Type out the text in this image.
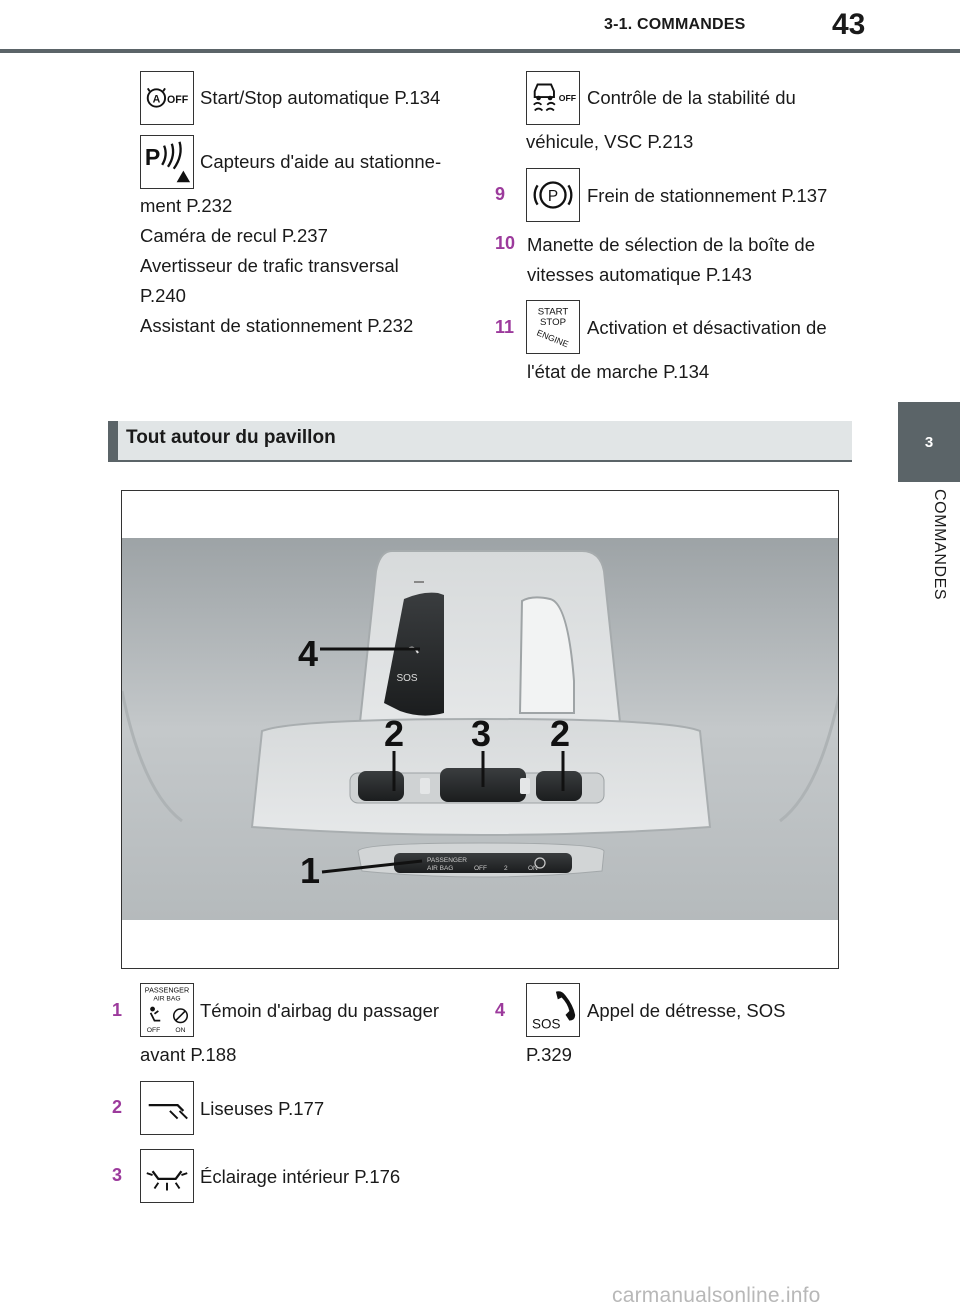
3-1. COMMANDES	43
3
COMMANDES
A OFF Start/Stop automatique P.134
P Capteurs d'aide au stationne-
ment P.232
Caméra de recul P.237
Avertisseur de trafic transversal
P.240
Assistant de stationnement P.232
OFF Contrôle de la stabilité du
véhicule, VSC P.213
9	P Frein de stationnement P.137
10 Manette de sélection de la boîte de
vitesses automatique P.143
11
START
STOP
ENGINE
Activation et désactivation de
l'état de marche P.134
Tout autour du pavillon
SOS
PASSENGER
AIR BAG	OFF	2	ON
4
2 3 2
1
1
PASSENGER
AIR BAG
OFF ON
Témoin d'airbag du passager
avant P.188
2	Liseuses P.177
3	Éclairage intérieur P.176
4
SOS
Appel de détresse, SOS
P.329
carmanualsonline.info
